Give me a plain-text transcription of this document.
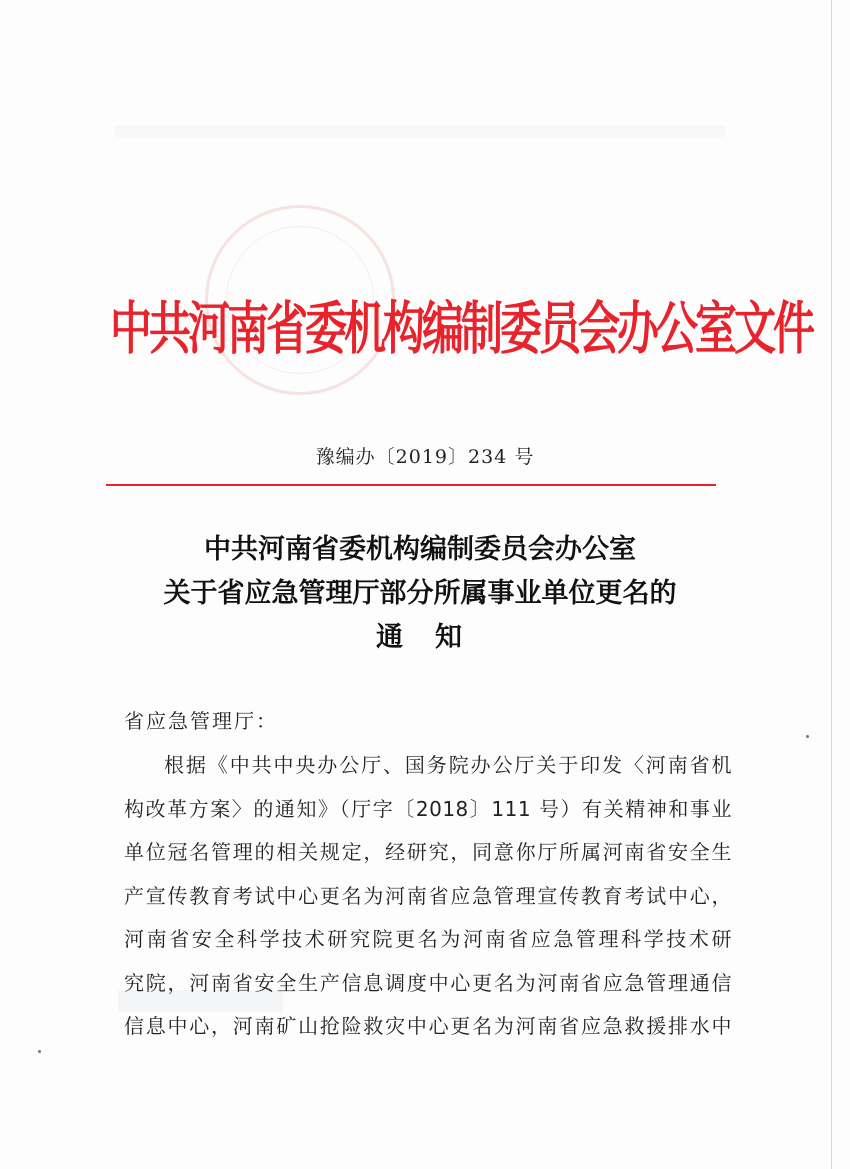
中共河南省委机构编制委员会办公室文件
豫编办〔2019〕234 号
中共河南省委机构编制委员会办公室
关于省应急管理厅部分所属事业单位更名的
通 知
省应急管理厅：
根据《中共中央办公厅、国务院办公厅关于印发〈河南省机
构改革方案〉的通知》（厅字〔2018〕111 号）有关精神和事业
单位冠名管理的相关规定，经研究，同意你厅所属河南省安全生
产宣传教育考试中心更名为河南省应急管理宣传教育考试中心，
河南省安全科学技术研究院更名为河南省应急管理科学技术研
究院，河南省安全生产信息调度中心更名为河南省应急管理通信
信息中心，河南矿山抢险救灾中心更名为河南省应急救援排水中
